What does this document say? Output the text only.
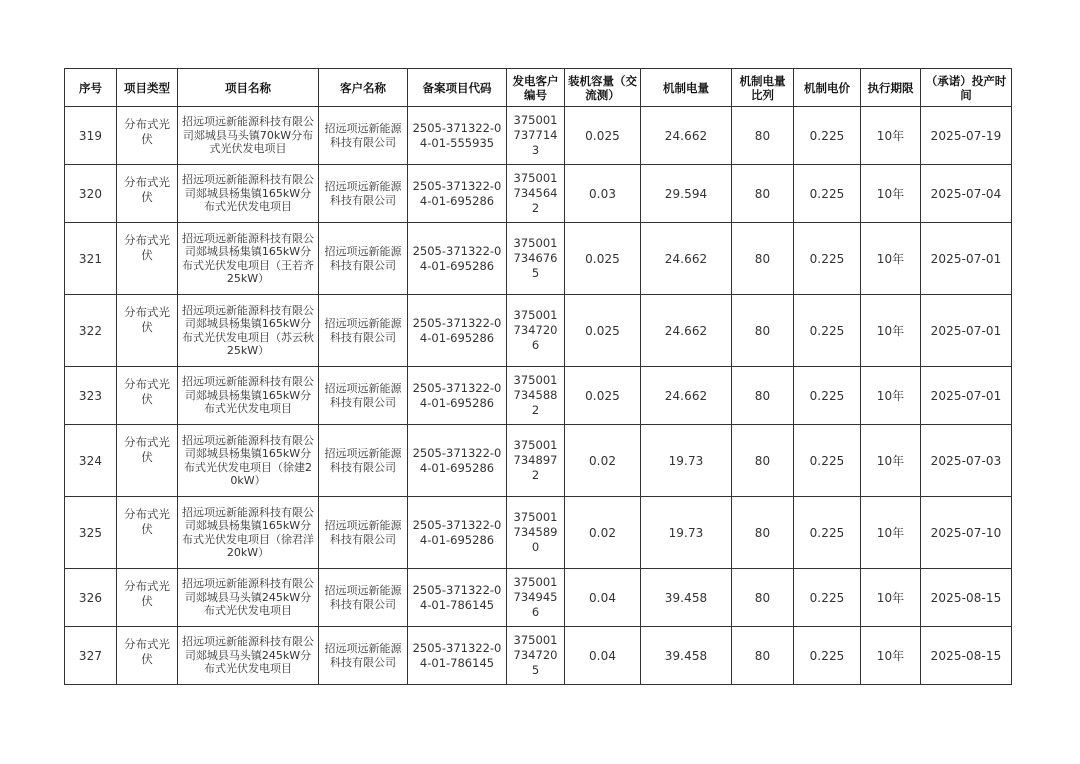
序号	项目类型	项目名称	客户名称	备案项目代码	发电客户编号	装机容量（交流测）	机制电量	机制电量比列	机制电价	执行期限	（承诺）投产时间
319	分布式光伏	招远项远新能源科技有限公司郯城县马头镇70kW分布式光伏发电项目	招远项远新能源科技有限公司	2505-371322-04-01-555935	3750017377143	0.025	24.662	80	0.225	10年	2025-07-19
320	分布式光伏	招远项远新能源科技有限公司郯城县杨集镇165kW分布式光伏发电项目	招远项远新能源科技有限公司	2505-371322-04-01-695286	3750017345642	0.03	29.594	80	0.225	10年	2025-07-04
321	分布式光伏	招远项远新能源科技有限公司郯城县杨集镇165kW分布式光伏发电项目（王若齐25kW）	招远项远新能源科技有限公司	2505-371322-04-01-695286	3750017346765	0.025	24.662	80	0.225	10年	2025-07-01
322	分布式光伏	招远项远新能源科技有限公司郯城县杨集镇165kW分布式光伏发电项目（苏云秋25kW）	招远项远新能源科技有限公司	2505-371322-04-01-695286	3750017347206	0.025	24.662	80	0.225	10年	2025-07-01
323	分布式光伏	招远项远新能源科技有限公司郯城县杨集镇165kW分布式光伏发电项目	招远项远新能源科技有限公司	2505-371322-04-01-695286	3750017345882	0.025	24.662	80	0.225	10年	2025-07-01
324	分布式光伏	招远项远新能源科技有限公司郯城县杨集镇165kW分布式光伏发电项目（徐建20kW）	招远项远新能源科技有限公司	2505-371322-04-01-695286	3750017348972	0.02	19.73	80	0.225	10年	2025-07-03
325	分布式光伏	招远项远新能源科技有限公司郯城县杨集镇165kW分布式光伏发电项目（徐君洋20kW）	招远项远新能源科技有限公司	2505-371322-04-01-695286	3750017345890	0.02	19.73	80	0.225	10年	2025-07-10
326	分布式光伏	招远项远新能源科技有限公司郯城县马头镇245kW分布式光伏发电项目	招远项远新能源科技有限公司	2505-371322-04-01-786145	3750017349456	0.04	39.458	80	0.225	10年	2025-08-15
327	分布式光伏	招远项远新能源科技有限公司郯城县马头镇245kW分布式光伏发电项目	招远项远新能源科技有限公司	2505-371322-04-01-786145	3750017347205	0.04	39.458	80	0.225	10年	2025-08-15
